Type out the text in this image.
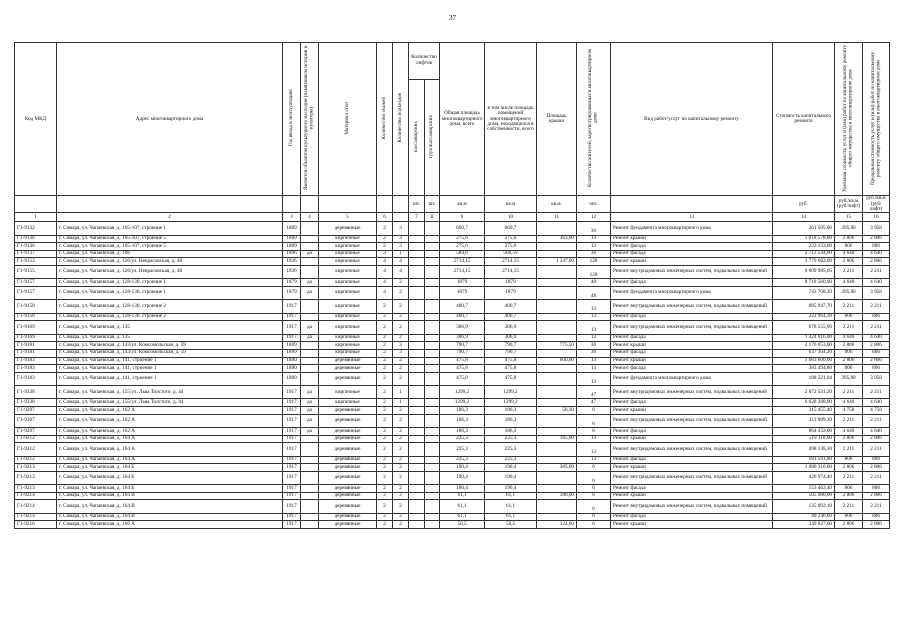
37
Код МКД	Адрес многоквартирного дома	Год ввода в эксплуатацию	Является объектом культурного наследия (памятником истории и культуры)	Материал стен	Количество этажей	Количество подъездов	Количество лифтов		Общая площадь многоквартирного дома, всего	в том числе площадь помещений многоквартирного дома, находящихся в собственности, всего	Площадь крыши	Количество жителей, зарегистрированных в многоквартирном доме	Вид работ/услуг по капитальному ремонту	Стоимость капитального ремонта	Удельная стоимость услуг и (или) работ по капитальному ремонту общего имущества в многоквартирном доме	Предельная стоимость услуг и (или) работ по капитальному ремонту общего имущества в многоквартирном доме
							пассажирских	грузопассажирских								
							шт.	шт.	кв.м	кв.м	кв.м.	чел.		руб.	руб./кв.м (руб/лифт)	руб./кв.м (руб/лифт)
1	2	3	4	5	6		7	8	9	10	11	12	13	14	15	16
Г1-9132	г. Самара, ул. Чапаевская, д. 105-107, строение 1	1889		деревянные	2	3			660,7	660,7		36	Ремонт фундамента многоквартирного дома	261 505,06	395,80	3 958
Г1-9136	г. Самара, ул. Чапаевская, д. 105-107, строение 5	1889		кирпичные	2	3			275,6	275,6	363,00	13	Ремонт крыши	1 018 578,00	2 806	2 806
Г1-9136	г. Самара, ул. Чапаевская, д. 105-107, строение 5	1889		кирпичные	2	3			275,6	275,6		13	Ремонт фасада	222 133,60	806	806
Г1-9137	г. Самара, ул. Чапаевская, д. 106	1896	да	кирпичные	3	1			584,6	566,59		36	Ремонт фасада	2 712 544,00	4 640	4 640
Г1-9153	г. Самара, ул. Чапаевская, д. 126/ул. Некрасовская, д. 48	1936		кирпичные	4	4			2714,15	2714,15	1 347,00	128	Ремонт крыши	3 779 682,00	2 806	2 806
Г1-9155	г. Самара, ул. Чапаевская, д. 126/ул. Некрасовская, д. 48	1936		кирпичные	4	4			2714,15	2714,15		128	Ремонт внутридомовых инженерных систем, подвальных помещений	6 009 985,65	2 211	2 211
Г1-9157	г. Самара, ул. Чапаевская, д. 128-130, строение 1	1879	да	кирпичные	4	2			1879	1879		48	Ремонт фасада	8 718 560,00	4 640	4 640
Г1-9157	г. Самара, ул. Чапаевская, д. 128-130, строение 1	1879	да	кирпичные	4	2			1879	1879		48	Ремонт фундамента многоквартирного дома	743 708,20	395,80	3 958
Г1-9158	г. Самара, ул. Чапаевская, д. 128-130, строение 2	1917		кирпичные	2	2			400,7	400,7		13	Ремонт внутридомовых инженерных систем, подвальных помещений	885 947,70	2 211	2 211
Г1-9158	г. Самара, ул. Чапаевская, д. 128-130, строение 2	1917		кирпичные	2	2			400,7	400,7		13	Ремонт фасада	322 964,20	806	806
Г1-9169	г. Самара, ул. Чапаевская, д. 135	1917	да	кирпичные	2	2			306,9	306,9		13	Ремонт внутридомовых инженерных систем, подвальных помещений	678 555,90	2 211	2 211
Г1-9169	г. Самара, ул. Чапаевская, д. 135	1917	да	кирпичные	2	2			306,9	306,9		13	Ремонт фасада	1 424 016,00	4 640	4 640
Г1-9181	г. Самара, ул. Чапаевская, д. 143/ул. Комсомольская, д. 59	1889		кирпичные	2	3			790,7	790,7	775,50	36	Ремонт крыши	2 176 053,00	2 806	2 806
Г1-9181	г. Самара, ул. Чапаевская, д. 143/ул. Комсомольская, д. 59	1889		кирпичные	2	3			790,7	790,7		36	Ремонт фасада	637 304,20	806	806
Г1-9183	г. Самара, ул. Чапаевская, д. 141, строение 1	1880		деревянные	2	2			475,8	475,8	600,00	13	Ремонт крыши	1 683 600,00	2 806	2 806
Г1-9183	г. Самара, ул. Чапаевская, д. 141, строение 1	1880		деревянные	2	2			475,8	475,8		13	Ремонт фасада	383 494,80	806	806
Г1-9183	г. Самара, ул. Чапаевская, д. 141, строение 1	1880		деревянные	2	2			475,8	475,8		13	Ремонт фундамента многоквартирного дома	188 321,64	395,80	3 958
Г1-9338	г. Самара, ул. Чапаевская, д. 155/ул. Льва Толстого, д. 44	1917	да	кирпичные	2	1			1299,2	1299,2		47	Ремонт внутридомовых инженерных систем, подвальных помещений	2 872 531,20	2 211	2 211
Г1-9338	г. Самара, ул. Чапаевская, д. 155/ул. Льва Толстого, д. 44	1917	да	кирпичные	2	1			1299,2	1299,2		47	Ремонт фасада	6 028 288,00	4 640	4 640
Г1-9207	г. Самара, ул. Чапаевская, д. 162 А	1917	да	деревянные	2	2			186,3	186,3	56,30	6	Ремонт крыши	315 455,40	4 758	4 758
Г1-9207	г. Самара, ул. Чапаевская, д. 162 А	1917	да	деревянные	2	2			186,3	186,3		6	Ремонт внутридомовых инженерных систем, подвальных помещений	411 909,30	2 211	2 211
Г1-9207	г. Самара, ул. Чапаевская, д. 162 А	1917	да	деревянные	2	2			186,3	186,3		6	Ремонт фасада	864 432,00	4 640	4 640
Г1-9212	г. Самара, ул. Чапаевская, д. 164 А	1917		деревянные	2	2			225,3	225,3	185,00	13	Ремонт крыши	519 110,00	2 806	2 806
Г1-9212	г. Самара, ул. Чапаевская, д. 164 А	1917		деревянные	2	2			225,3	225,3		13	Ремонт внутридомовых инженерных систем, подвальных помещений	498 138,30	2 211	2 211
Г1-9212	г. Самара, ул. Чапаевская, д. 164 А	1917		деревянные	2	2			225,3	225,3		13	Ремонт фасада	181 591,80	806	806
Г1-9213	г. Самара, ул. Чапаевская, д. 164 Б	1917		деревянные	2	2			190,4	190,4	385,00	6	Ремонт крыши	1 080 310,00	2 806	2 806
Г1-9213	г. Самара, ул. Чапаевская, д. 164 Б	1917		деревянные	2	2			190,4	190,4		6	Ремонт внутридомовых инженерных систем, подвальных помещений	420 974,40	2 211	2 211
Г1-9213	г. Самара, ул. Чапаевская, д. 164 Б	1917		деревянные	2	2			190,4	190,4		6	Ремонт фасада	153 462,40	806	806
Г1-9214	г. Самара, ул. Чапаевская, д. 164 В	1917		деревянные	2	2			61,1	61,1	180,00	6	Ремонт крыши	505 080,00	2 806	2 806
Г1-9214	г. Самара, ул. Чапаевская, д. 164 В	1917		деревянные	2	2			61,1	61,1		6	Ремонт внутридомовых инженерных систем, подвальных помещений	135 092,10	2 211	2 211
Г1-9214	г. Самара, ул. Чапаевская, д. 164 В	1917		деревянные	2	2			61,1	61,1		6	Ремонт фасада	49 246,60	806	806
Г1-9216	г. Самара, ул. Чапаевская, д. 166 А	1917		деревянные	2	2			50,5	50,5	124,60	6	Ремонт крыши	349 627,60	2 806	2 806
